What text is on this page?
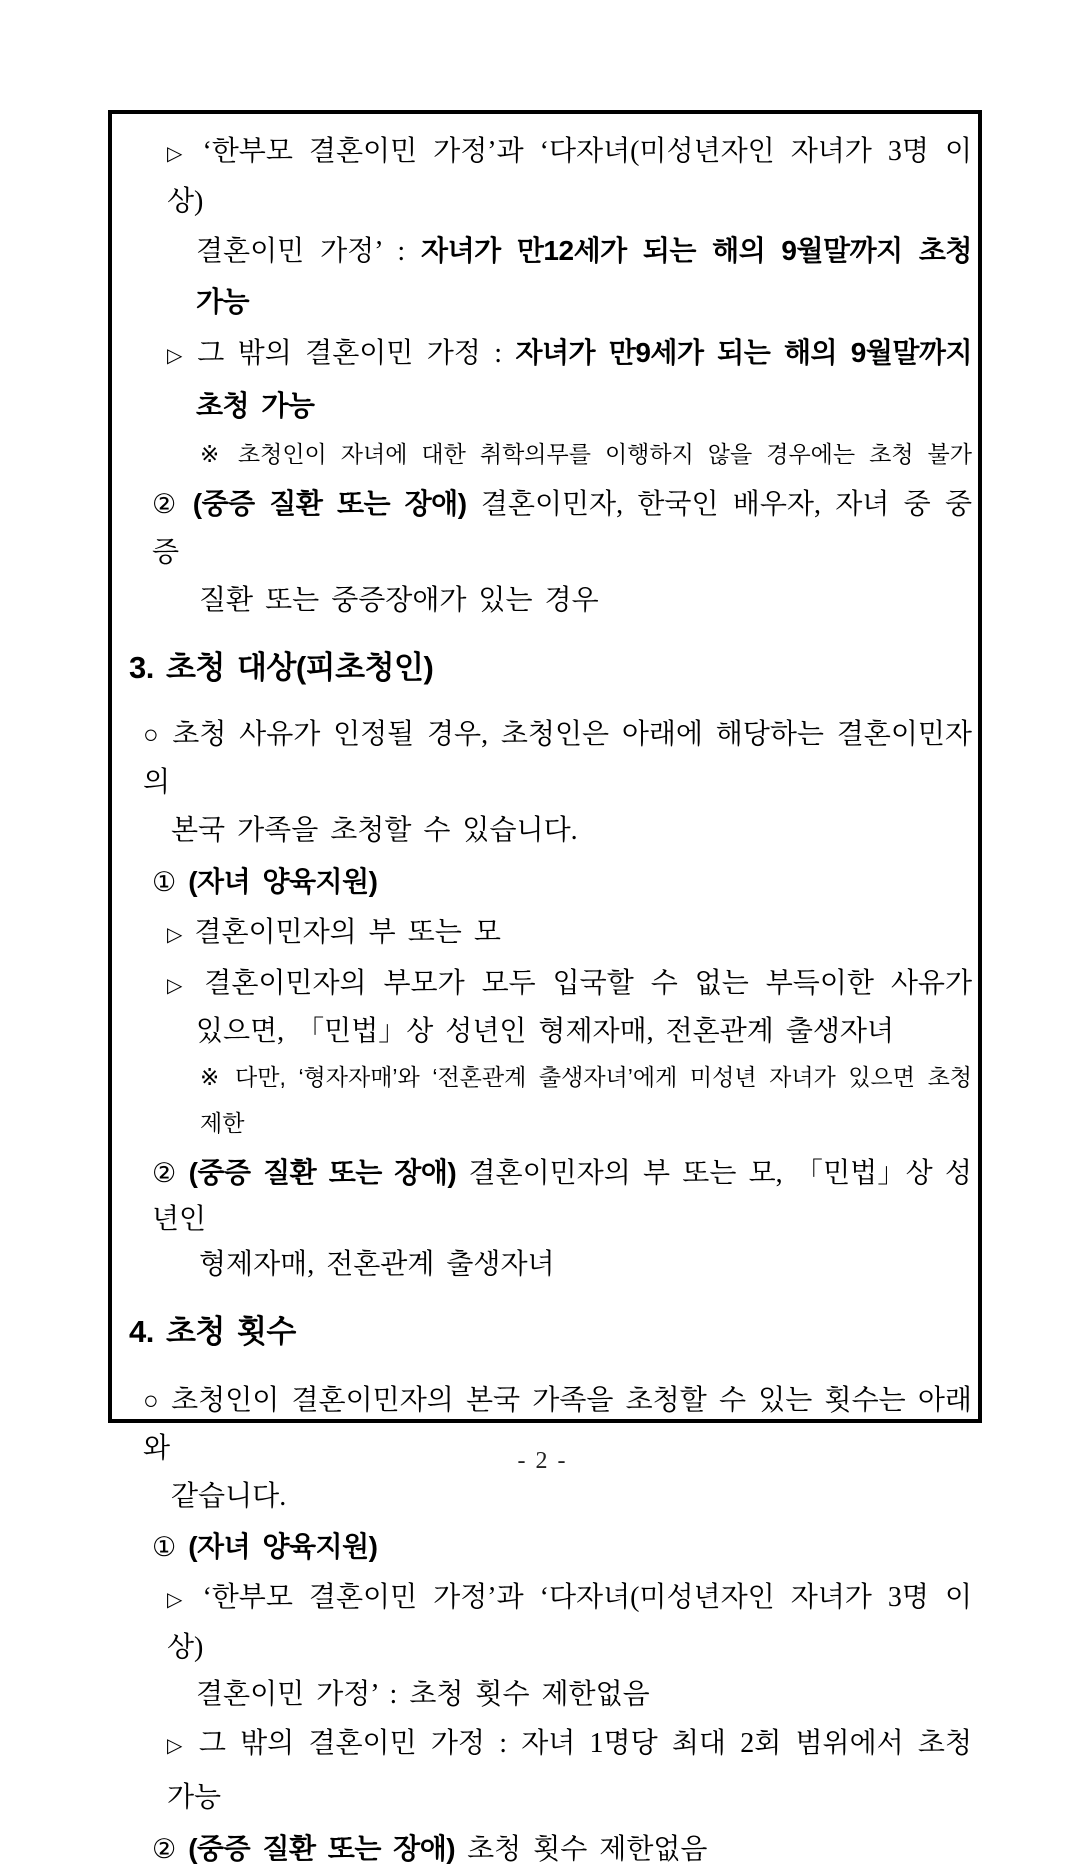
▷ ‘한부모 결혼이민 가정’과 ‘다자녀(미성년자인 자녀가 3명 이상)
결혼이민 가정’ : 자녀가 만12세가 되는 해의 9월말까지 초청 가능
▷ 그 밖의 결혼이민 가정 : 자녀가 만9세가 되는 해의 9월말까지
초청 가능
※ 초청인이 자녀에 대한 취학의무를 이행하지 않을 경우에는 초청 불가
② (중증 질환 또는 장애) 결혼이민자, 한국인 배우자, 자녀 중 중증
질환 또는 중증장애가 있는 경우
3. 초청 대상(피초청인)
○ 초청 사유가 인정될 경우, 초청인은 아래에 해당하는 결혼이민자의
본국 가족을 초청할 수 있습니다.
① (자녀 양육지원)
▷ 결혼이민자의 부 또는 모
▷ 결혼이민자의 부모가 모두 입국할 수 없는 부득이한 사유가
있으면, 「민법」상 성년인 형제자매, 전혼관계 출생자녀
※ 다만, ‘형자자매’와 ‘전혼관계 출생자녀’에게 미성년 자녀가 있으면 초청 제한
② (중증 질환 또는 장애) 결혼이민자의 부 또는 모, 「민법」상 성년인
형제자매, 전혼관계 출생자녀
4. 초청 횟수
○ 초청인이 결혼이민자의 본국 가족을 초청할 수 있는 횟수는 아래와
같습니다.
① (자녀 양육지원)
▷ ‘한부모 결혼이민 가정’과 ‘다자녀(미성년자인 자녀가 3명 이상)
결혼이민 가정’ : 초청 횟수 제한없음
▷ 그 밖의 결혼이민 가정 : 자녀 1명당 최대 2회 범위에서 초청 가능
② (중증 질환 또는 장애) 초청 횟수 제한없음
- 2 -
